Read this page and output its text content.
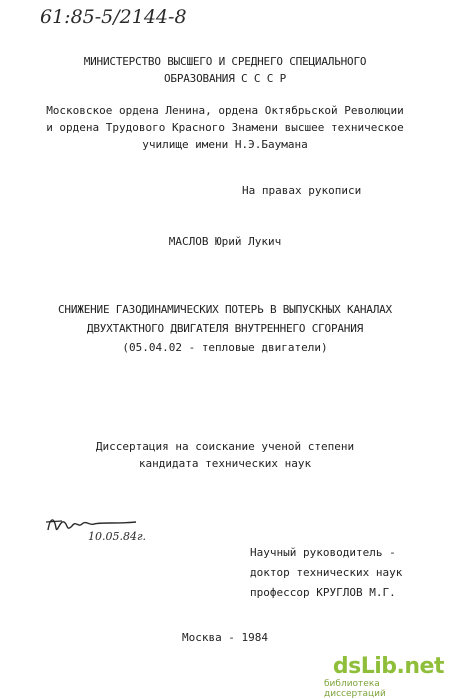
61:85-5/2144-8
МИНИСТЕРСТВО ВЫСШЕГО И СРЕДНЕГО СПЕЦИАЛЬНОГО
ОБРАЗОВАНИЯ С С С Р
Московское ордена Ленина, ордена Октябрьской Революции
и ордена Трудового Красного Знамени высшее техническое
училище имени Н.Э.Баумана
На правах рукописи
МАСЛОВ Юрий Лукич
СНИЖЕНИЕ ГАЗОДИНАМИЧЕСКИХ ПОТЕРЬ В ВЫПУСКНЫХ КАНАЛАХ
ДВУХТАКТНОГО ДВИГАТЕЛЯ ВНУТРЕННЕГО СГОРАНИЯ
(05.04.02 - тепловые двигатели)
Диссертация на соискание ученой степени
кандидата технических наук
10.05.84г.
Научный руководитель -
доктор технических наук
профессор КРУГЛОВ М.Г.
Москва - 1984
dsLib.net
библиотека диссертаций
